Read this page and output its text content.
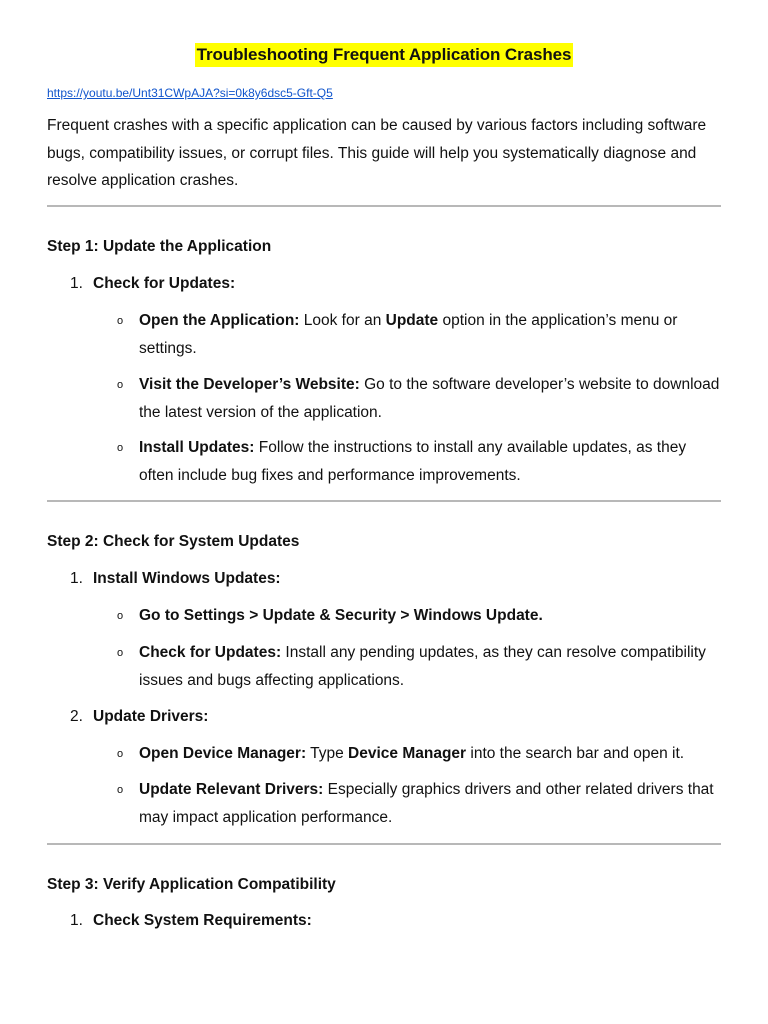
Troubleshooting Frequent Application Crashes
https://youtu.be/Unt31CWpAJA?si=0k8y6dsc5-Gft-Q5
Frequent crashes with a specific application can be caused by various factors including software bugs, compatibility issues, or corrupt files. This guide will help you systematically diagnose and resolve application crashes.
Step 1: Update the Application
1. Check for Updates:
o Open the Application: Look for an Update option in the application’s menu or settings.
o Visit the Developer’s Website: Go to the software developer’s website to download the latest version of the application.
o Install Updates: Follow the instructions to install any available updates, as they often include bug fixes and performance improvements.
Step 2: Check for System Updates
1. Install Windows Updates:
o Go to Settings > Update & Security > Windows Update.
o Check for Updates: Install any pending updates, as they can resolve compatibility issues and bugs affecting applications.
2. Update Drivers:
o Open Device Manager: Type Device Manager into the search bar and open it.
o Update Relevant Drivers: Especially graphics drivers and other related drivers that may impact application performance.
Step 3: Verify Application Compatibility
1. Check System Requirements:
